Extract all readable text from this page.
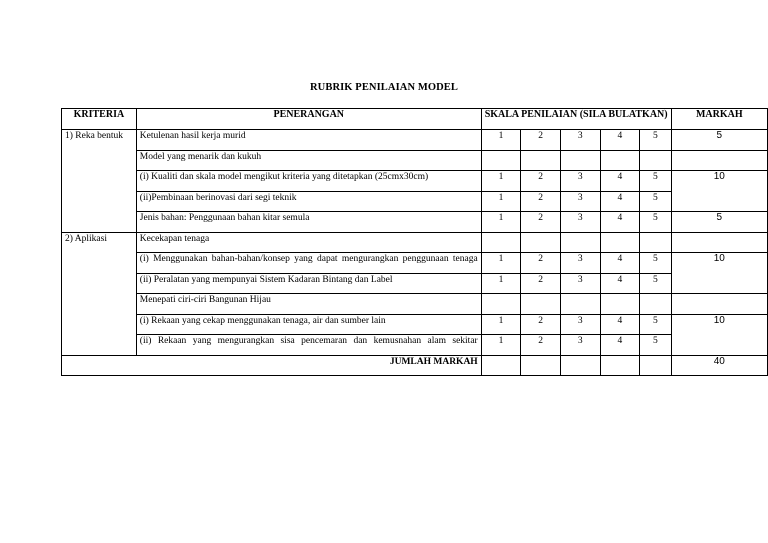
RUBRIK PENILAIAN MODEL
KRITERIA	PENERANGAN	SKALA PENILAIAN (SILA BULATKAN)					MARKAH
1) Reka bentuk	Ketulenan hasil kerja murid	1	2	3	4	5	5
	Model yang menarik dan kukuh						
	(i) Kualiti dan skala model mengikut kriteria yang ditetapkan (25cmx30cm)	1	2	3	4	5	10
	(ii)Pembinaan berinovasi dari segi teknik	1	2	3	4	5	
	Jenis bahan: Penggunaan bahan kitar semula	1	2	3	4	5	5
2) Aplikasi	Kecekapan tenaga						
	(i) Menggunakan bahan-bahan/konsep yang dapat mengurangkan penggunaan tenaga	1	2	3	4	5	10
	(ii) Peralatan yang mempunyai Sistem Kadaran Bintang dan Label	1	2	3	4	5	
	Menepati ciri-ciri Bangunan Hijau						
	(i) Rekaan yang cekap menggunakan tenaga, air dan sumber lain	1	2	3	4	5	10
	(ii) Rekaan yang mengurangkan sisa pencemaran dan kemusnahan alam sekitar	1	2	3	4	5	
JUMLAH MARKAH							40
